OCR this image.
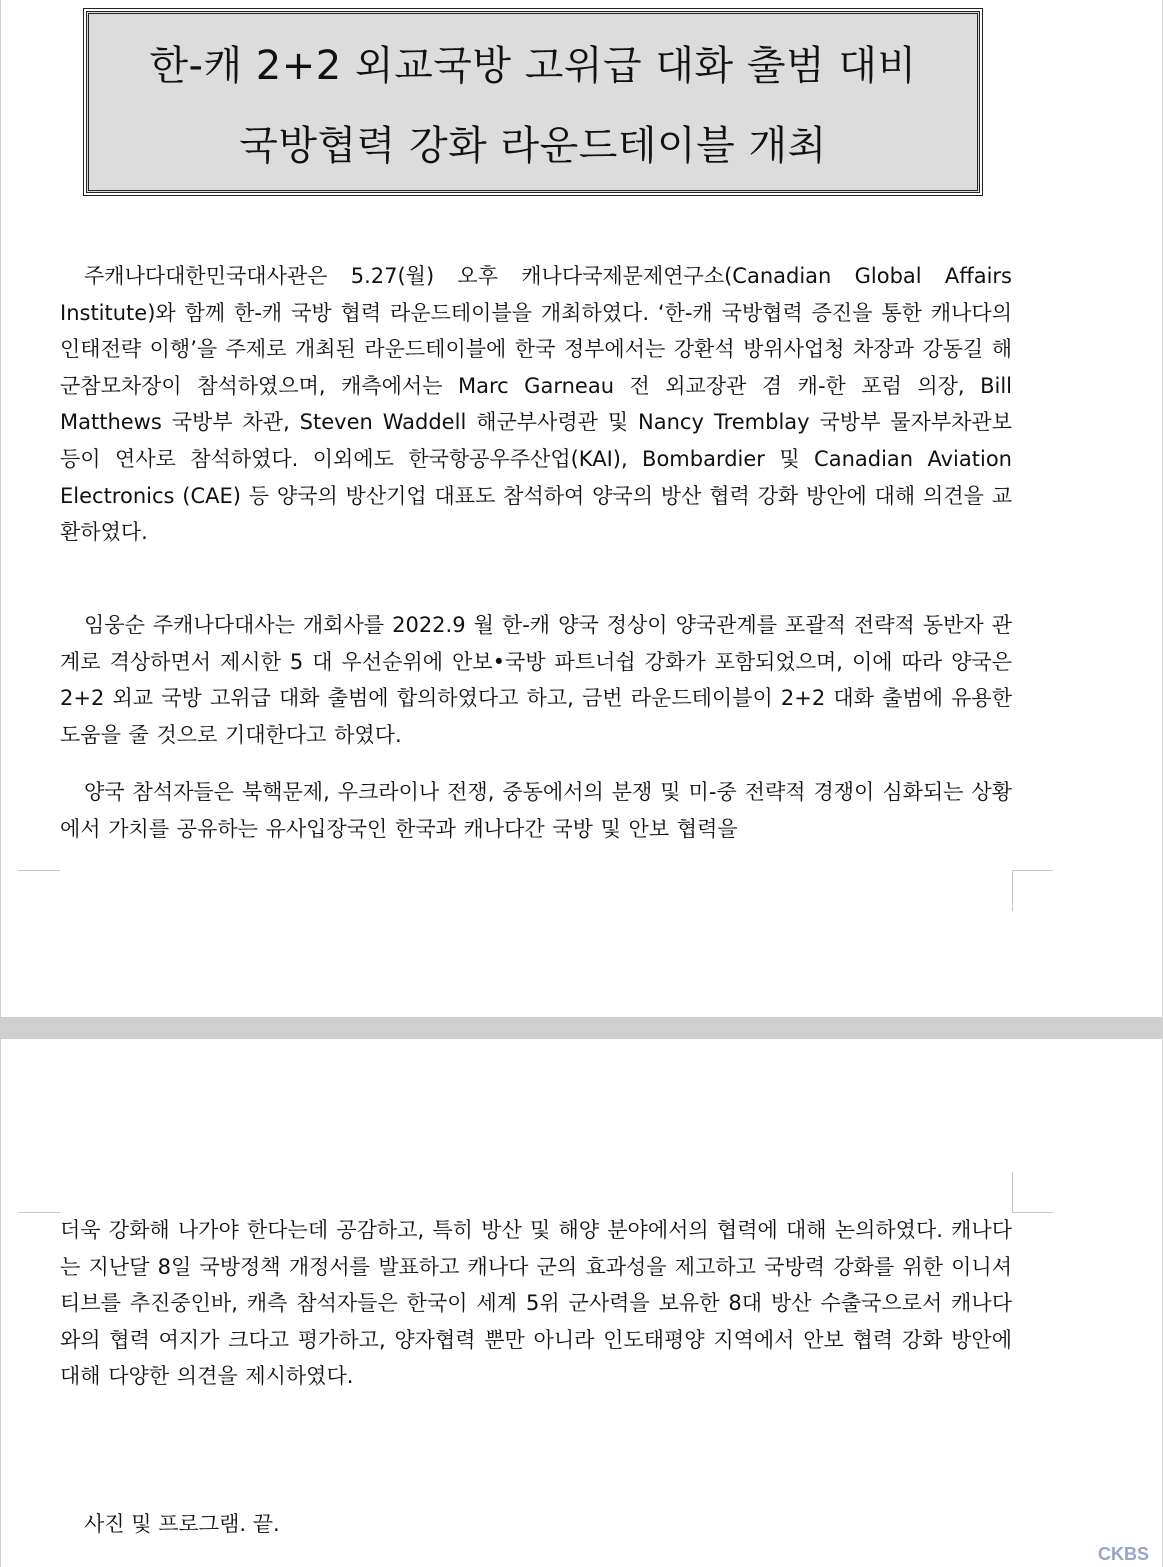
한-캐 2+2 외교국방 고위급 대화 출범 대비
국방협력 강화 라운드테이블 개최
주캐나다대한민국대사관은 5.27(월) 오후 캐나다국제문제연구소(Canadian Global Affairs Institute)와 함께 한-캐 국방 협력 라운드테이블을 개최하였다. ‘한-캐 국방협력 증진을 통한 캐나다의 인태전략 이행’을 주제로 개최된 라운드테이블에 한국 정부에서는 강환석 방위사업청 차장과 강동길 해군참모차장이 참석하였으며, 캐측에서는 Marc Garneau 전 외교장관 겸 캐-한 포럼 의장, Bill Matthews 국방부 차관, Steven Waddell 해군부사령관 및 Nancy Tremblay 국방부 물자부차관보 등이 연사로 참석하였다. 이외에도 한국항공우주산업(KAI), Bombardier 및 Canadian Aviation Electronics (CAE) 등 양국의 방산기업 대표도 참석하여 양국의 방산 협력 강화 방안에 대해 의견을 교환하였다.
임웅순 주캐나다대사는 개회사를 2022.9 월 한-캐 양국 정상이 양국관계를 포괄적 전략적 동반자 관계로 격상하면서 제시한 5 대 우선순위에 안보•국방 파트너쉽 강화가 포함되었으며, 이에 따라 양국은 2+2 외교 국방 고위급 대화 출범에 합의하였다고 하고, 금번 라운드테이블이 2+2 대화 출범에 유용한 도움을 줄 것으로 기대한다고 하였다.
양국 참석자들은 북핵문제, 우크라이나 전쟁, 중동에서의 분쟁 및 미-중 전략적 경쟁이 심화되는 상황에서 가치를 공유하는 유사입장국인 한국과 캐나다간 국방 및 안보 협력을
더욱 강화해 나가야 한다는데 공감하고, 특히 방산 및 해양 분야에서의 협력에 대해 논의하였다. 캐나다는 지난달 8일 국방정책 개정서를 발표하고 캐나다 군의 효과성을 제고하고 국방력 강화를 위한 이니셔티브를 추진중인바, 캐측 참석자들은 한국이 세계 5위 군사력을 보유한 8대 방산 수출국으로서 캐나다와의 협력 여지가 크다고 평가하고, 양자협력 뿐만 아니라 인도태평양 지역에서 안보 협력 강화 방안에 대해 다양한 의견을 제시하였다.
사진 및 프로그램. 끝.
CKBS
